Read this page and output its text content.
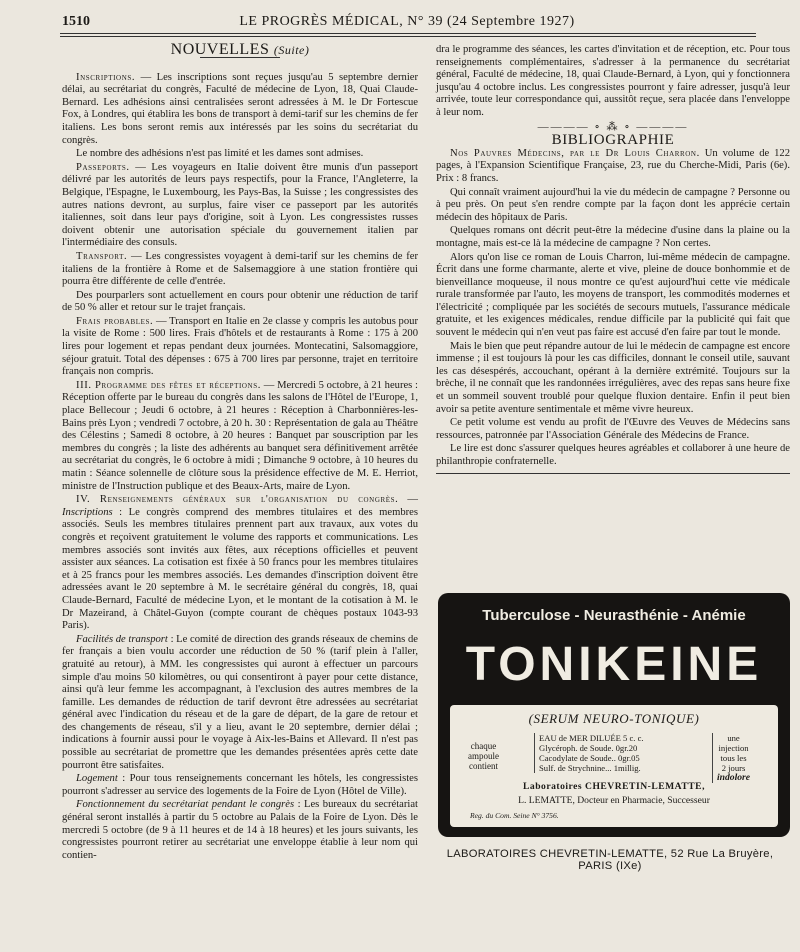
1510	LE PROGRÈS MÉDICAL, N° 39 (24 Septembre 1927)

NOUVELLES (Suite)

Inscriptions. — Les inscriptions sont reçues jusqu'au 5 septembre dernier délai, au secrétariat du congrès, Faculté de médecine de Lyon, 18, Quai Claude-Bernard. Les adhésions ainsi centralisées seront adressées à M. le Dr Fortescue Fox, à Londres, qui établira les bons de transport à demi-tarif sur les chemins de fer italiens. Les bons seront remis aux intéressés par les soins du secrétariat du congrès.

Le nombre des adhésions n'est pas limité et les dames sont admises.

Passeports. — Les voyageurs en Italie doivent être munis d'un passeport délivré par les autorités de leurs pays respectifs, pour la France, l'Angleterre, la Belgique, l'Espagne, le Luxembourg, les Pays-Bas, la Suisse ; les congressistes des autres nations devront, au surplus, faire viser ce passeport par les autorités italiennes, soit dans leur pays d'origine, soit à Lyon. Les congressistes russes doivent obtenir une autorisation spéciale du gouvernement italien par l'intermédiaire des consuls.

Transport. — Les congressistes voyagent à demi-tarif sur les chemins de fer italiens de la frontière à Rome et de Salsemaggiore à une station frontière qui pourra être différente de celle d'entrée.

Des pourparlers sont actuellement en cours pour obtenir une réduction de tarif de 50 % aller et retour sur le trajet français.

Frais probables. — Transport en Italie en 2e classe y compris les autobus pour la visite de Rome : 500 lires. Frais d'hôtels et de restaurants à Rome : 175 à 200 lires pour logement et repas pendant deux journées. Montecatini, Salsomaggiore, séjour gratuit. Total des dépenses : 675 à 700 lires par personne, trajet en territoire français non compris.

III. Programme des fêtes et réceptions. — Mercredi 5 octobre, à 21 heures : Réception offerte par le bureau du congrès dans les salons de l'Hôtel de l'Europe, 1, place Bellecour ; Jeudi 6 octobre, à 21 heures : Réception à Charbonnières-les-Bains près Lyon ; vendredi 7 octobre, à 20 h. 30 : Représentation de gala au Théâtre des Célestins ; Samedi 8 octobre, à 20 heures : Banquet par souscription par les membres du congrès ; la liste des adhérents au banquet sera définitivement arrêtée au secrétariat du congrès, le 6 octobre à midi ; Dimanche 9 octobre, à 10 heures du matin : Séance solennelle de clôture sous la présidence effective de M. E. Herriot, ministre de l'Instruction publique et des Beaux-Arts, maire de Lyon.

IV. Renseignements généraux sur l'organisation du congrès. — Inscriptions : Le congrès comprend des membres titulaires et des membres associés. Seuls les membres titulaires prennent part aux travaux, aux votes du congrès et reçoivent gratuitement le volume des rapports et communications. Les membres associés sont invités aux fêtes, aux réceptions officielles et peuvent assister aux séances. La cotisation est fixée à 50 francs pour les membres titulaires et à 25 francs pour les membres associés. Les demandes d'inscription doivent être adressées avant le 20 septembre à M. le secrétaire général du congrès, 18, quai Claude-Bernard, Faculté de médecine Lyon, et le montant de la cotisation à M. le Dr Mazeirand, à Châtel-Guyon (compte courant de chèques postaux 1043-93 Paris).

Facilités de transport : Le comité de direction des grands réseaux de chemins de fer français a bien voulu accorder une réduction de 50 % (tarif plein à l'aller, gratuité au retour), à MM. les congressistes qui auront à effectuer un parcours simple d'au moins 50 kilomètres, ou qui consentiront à payer pour cette distance, ainsi qu'à leur femme les accompagnant, à l'exclusion des autres membres de la famille. Les demandes de réduction de tarif devront être adressées au secrétariat général avec l'indication du réseau et de la gare de départ, de la gare de retour et des changements de réseau, s'il y a lieu, avant le 20 septembre, dernier délai ; indications à fournir aussi pour le voyage à Aix-les-Bains et Allevard. Il n'est pas possible au secrétariat de promettre que les demandes présentées après cette date pourront être satisfaites.

Logement : Pour tous renseignements concernant les hôtels, les congressistes pourront s'adresser au service des logements de la Foire de Lyon (Hôtel de Ville).

Fonctionnement du secrétariat pendant le congrès : Les bureaux du secrétariat général seront installés à partir du 5 octobre au Palais de la Foire de Lyon. Dès le mercredi 5 octobre (de 9 à 11 heures et de 14 à 18 heures) et les jours suivants, les congressistes pourront retirer au secrétariat une enveloppe établie à leur nom qui contien-

dra le programme des séances, les cartes d'invitation et de réception, etc. Pour tous renseignements complémentaires, s'adresser à la permanence du secrétariat général, Faculté de médecine, 18, quai Claude-Bernard, à Lyon, qui y fonctionnera jusqu'au 4 octobre inclus. Les congressistes pourront y faire adresser, jusqu'à leur arrivée, toute leur correspondance qui, aussitôt reçue, sera placée dans l'enveloppe à leur nom.

———— ∘ ⁂ ∘ ————

BIBLIOGRAPHIE

Nos Pauvres Médecins, par le Dr Louis Charron. Un volume de 122 pages, à l'Expansion Scientifique Française, 23, rue du Cherche-Midi, Paris (6e). Prix : 8 francs.

Qui connaît vraiment aujourd'hui la vie du médecin de campagne ? Personne ou à peu près. On peut s'en rendre compte par la façon dont les apprécie certain médecin des hôpitaux de Paris.

Quelques romans ont décrit peut-être la médecine d'usine dans la plaine ou la montagne, mais est-ce là la médecine de campagne ? Non certes.

Alors qu'on lise ce roman de Louis Charron, lui-même médecin de campagne. Écrit dans une forme charmante, alerte et vive, pleine de douce bonhommie et de bienveillance moqueuse, il nous montre ce qu'est aujourd'hui cette vie médicale rurale transformée par l'auto, les moyens de transport, les commodités modernes et l'électricité ; compliquée par les sociétés de secours mutuels, l'assurance médicale gratuite, et les exigences médicales, rendue difficile par la publicité qui fait que souvent le médecin qui n'en veut pas faire est accusé d'en faire par tout le monde.

Mais le bien que peut répandre autour de lui le médecin de campagne est encore immense ; il est toujours là pour les cas difficiles, donnant le conseil utile, sauvant les cas désespérés, accouchant, opérant à la dernière extrémité. Toujours sur la brèche, il ne connaît que les randonnées irrégulières, avec des repas sans heure fixe et un sommeil souvent troublé pour quelque fluxion dentaire. Enfin il peut bien avoir sa petite aventure sentimentale et même vivre heureux.

Ce petit volume est vendu au profit de l'Œuvre des Veuves de Médecins sans ressources, patronnée par l'Association Générale des Médecins de France.

Le lire est donc s'assurer quelques heures agréables et collaborer à une heure de philanthropie confraternelle.

Tuberculose - Neurasthénie - Anémie
TONIKEINE
(SERUM NEURO-TONIQUE)
chaque
ampoule
contient
EAU de MER DILUÉE 5 c. c.
Glycéroph. de Soude. 0gr.20
Cacodylate de Soude.. 0gr.05
Sulf. de Strychnine... 1millig.
une
injection
tous les
2 jours
indolore
Laboratoires CHEVRETIN-LEMATTE,
L. LEMATTE, Docteur en Pharmacie, Successeur
Reg. du Com. Seine N° 3756.
LABORATOIRES CHEVRETIN-LEMATTE, 52 Rue La Bruyère, PARIS (IXe)
